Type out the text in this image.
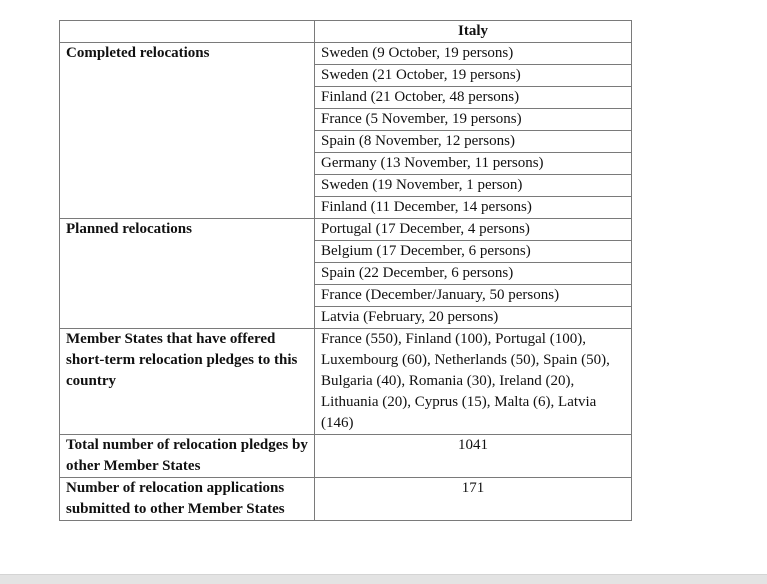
	Italy
Completed relocations	Sweden (9 October, 19 persons)
	Sweden (21 October, 19 persons)
	Finland (21 October, 48 persons)
	France (5 November, 19 persons)
	Spain (8 November, 12 persons)
	Germany (13 November, 11 persons)
	Sweden (19 November, 1 person)
	Finland (11 December, 14 persons)
Planned relocations	Portugal (17 December, 4 persons)
	Belgium (17 December, 6 persons)
	Spain (22 December, 6 persons)
	France (December/January, 50 persons)
	Latvia (February, 20 persons)
Member States that have offered short-term relocation pledges to this country	France (550), Finland (100), Portugal (100), Luxembourg (60), Netherlands (50), Spain (50), Bulgaria (40), Romania (30), Ireland (20), Lithuania (20), Cyprus (15), Malta (6), Latvia (146)
Total number of relocation pledges by other Member States	1041
Number of relocation applications submitted to other Member States	171
